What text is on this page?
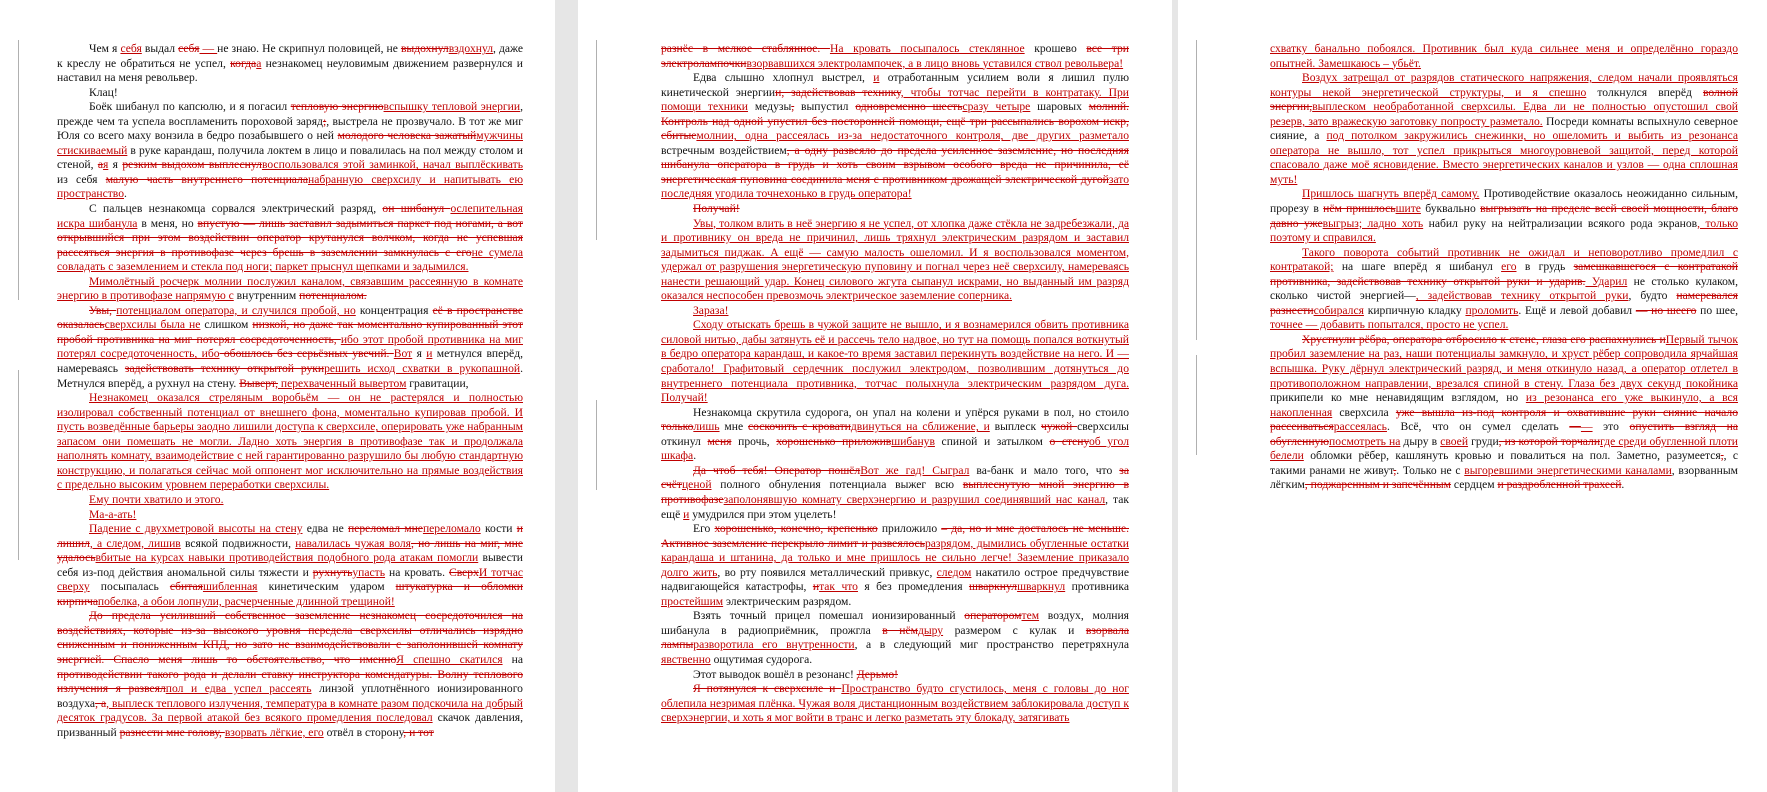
Чем я себя выдал себя — не знаю. Не скрипнул половицей, не выдохнулвздохнул, даже к креслу не обратиться не успел, когдаа незнакомец неуловимым движением развернулся и наставил на меня револьвер.

Клац!

Боёк шибанул по капсюлю, и я погасил тепловую энергиювспышку тепловой энергии, прежде чем та успела воспламенить пороховой заряд;, выстрела не прозвучало. В тот же миг Юля со всего маху вонзила в бедро позабывшего о ней молодого человека зажатыймужчины стискиваемый в руке карандаш, получила локтем в лицо и повалилась на пол между столом и стеной, ая я резким выдохом выплеснулвоспользовался этой заминкой, начал выплёскивать из себя малую часть внутреннего потенциаланабранную сверхсилу и напитывать ею пространство.

С пальцев незнакомца сорвался электрический разряд, он шибанул ослепительная искра шибанула в меня, но впустую — лишь заставил задымиться паркет под ногами, а вот открывшийся при этом воздействии оператор крутанулся волчком, когда не успевшая рассеяться энергия в противофазе через брешь в заземлении замкнулась с егоне сумела совладать с заземлением и стекла под ноги; паркет прыснул щепками и задымился.

Мимолётный росчерк молнии послужил каналом, связавшим рассеянную в комнате энергию в противофазе напрямую с внутренним потенциалом.

Увы, потенциалом оператора, и случился пробой, но концентрация её в пространстве оказаласьсверхсилы была не слишком низкой, но даже так моментально купированный этот пробой противника на миг потерял сосредоточенность, ибо этот пробой противника на миг потерял сосредоточенность, ибо обошлось без серьёзных увечий. Вот я и метнулся вперёд, намереваясь задействовать технику открытой рукирешить исход схватки в рукопашной. Метнулся вперёд, а рухнул на стену. Выверт, перехваченный вывертом гравитации,

Незнакомец оказался стреляным воробьём — он не растерялся и полностью изолировал собственный потенциал от внешнего фона, моментально купировав пробой. И пусть возведённые барьеры заодно лишили доступа к сверхсиле, оперировать уже набранным запасом они помешать не могли. Ладно хоть энергия в противофазе так и продолжала наполнять комнату, взаимодействие с ней гарантированно разрушило бы любую стандартную конструкцию, и полагаться сейчас мой оппонент мог исключительно на прямые воздействия с предельно высоким уровнем переработки сверхсилы.

Ему почти хватило и этого.

Ма-а-ать!

Падение с двухметровой высоты на стену едва не переломал мнепереломало кости и лишил, а следом, лишив всякой подвижности, навалилась чужая воля, но лишь на миг, мне удалосьвбитые на курсах навыки противодействия подобного рода атакам помогли вывести себя из-под действия аномальной силы тяжести и рухнутьупасть на кровать. СверхИ тотчас сверху посыпалась сбитаяшибленная кинетическим ударом штукатурка и обломки кирпичапобелка, а обои лопнули, расчерченные длинной трещиной!

До предела усиливший собственное заземление незнакомец сосредоточился на воздействиях, которые из-за высокого уровня передела сверхсилы отличались изрядно сниженным и пониженным КПД, но зато не взаимодействовали с заполонившей комнату энергией. Спасло меня лишь то обстоятельство, что именноЯ спешно скатился на противодействии такого рода и делали ставку инструктора комендатуры. Волну теплового излучения я развеялпол и едва успел рассеять линзой уплотнённого ионизированного воздуха, а, выплеск теплового излучения, температура в комнате разом подскочила на добрый десяток градусов. За первой атакой без всякого промедления последовал скачок давления, призванный разнести мне голову, взорвать лёгкие, его отвёл в сторону, и тот

разнёс в мелкое стаблянное. На кровать посыпалось стеклянное крошево все три электролампочкивзорвавшихся электролампочек, а в лицо вновь уставился ствол револьвера!

Едва слышно хлопнул выстрел, и отработанным усилием воли я лишил пулю кинетической энергиии, задействовав технику, чтобы тотчас перейти в контратаку. При помощи техники медузы, выпустил одновременно шестьсразу четыре шаровых молний. Контроль над одной упустил без посторонней помощи, ещё три рассыпались ворохом искр, сбитыемолнии, одна рассеялась из-за недостаточного контроля, две других разметало встречным воздействием, а одну развеяло до предела усиленное заземление, но последняя шибанула оператора в грудь и хоть своим взрывом особого вреда не причинила, её энергетическая пуповина соединила меня с противником дрожащей электрической дугойзато последняя угодила точнехонько в грудь оператора!

Получай!

Увы, толком влить в неё энергию я не успел, от хлопка даже стёкла не задребезжали, да и противнику он вреда не причинил, лишь тряхнул электрическим разрядом и заставил задымиться пиджак. А ещё — самую малость ошеломил. И я воспользовался моментом, удержал от разрушения энергетическую пуповину и погнал через неё сверхсилу, намереваясь нанести решающий удар. Конец силового жгута сыпанул искрами, но выданный им разряд оказался неспособен превозмочь электрическое заземление соперника.

Зараза!

Сходу отыскать брешь в чужой защите не вышло, и я вознамерился обвить противника силовой нитью, дабы затянуть её и рассечь тело надвое, но тут на помощь попался воткнутый в бедро оператора карандаш, и какое-то время заставил перекинуть воздействие на него. И — сработало! Графитовый сердечник послужил электродом, позволившим дотянуться до внутреннего потенциала противника, тотчас полыхнула электрическим разрядом дуга. Получай!

Незнакомца скрутила судорога, он упал на колени и упёрся руками в пол, но стоило тольколишь мне соскочить с кроватидвинуться на сближение, и выплеск чужой сверхсилы откинул меня прочь, хорошенько приложившибанув спиной и затылком о стенуоб угол шкафа.

Да чтоб тебя! Оператор пошёлВот же гад! Сыграл ва-банк и мало того, что за счётценой полного обнуления потенциала выжег всю выплеснутую мной энергию в противофазезаполонявшую комнату сверхэнергию и разрушил соединявший нас канал, так ещё и умудрился при этом уцелеть!

Его хорошенько, конечно, крепенько приложило – да, но и мне досталось не меньше. Активное заземление перекрыло лимит и развеялосьразрядом, дымились обугленные остатки карандаша и штанина, да только и мне пришлось не сильно легче! Заземление приказало долго жить, во рту появился металлический привкус, следом накатило острое предчувствие надвигающейся катастрофы, итак что я без промедления шваркнулшваркнул противника простейшим электрическим разрядом.

Взять точный прицел помешал ионизированный операторомтем воздух, молния шибанула в радиоприёмник, прожгла в нёмдыру размером с кулак и взорвала лампыразворотила его внутренности, а в следующий миг пространство перетряхнула явственно ощутимая судорога.

Этот выводок вошёл в резонанс! Дерьмо!

Я потянулся к сверхсиле и Пространство будто сгустилось, меня с головы до ног облепила незримая плёнка. Чужая воля дистанционным воздействием заблокировала доступ к сверхэнергии, и хоть я мог войти в транс и легко разметать эту блокаду, затягивать

схватку банально побоялся. Противник был куда сильнее меня и определённо гораздо опытней. Замешкаюсь – убьёт.

Воздух затрещал от разрядов статического напряжения, следом начали проявляться контуры некой энергетической структуры, и я спешно толкнулся вперёд волной энергии,выплеском необработанной сверхсилы. Едва ли не полностью опустошил свой резерв, зато вражескую заготовку попросту разметало. Посреди комнаты вспыхнуло северное сияние, а под потолком закружились снежинки, но ошеломить и выбить из резонанса оператора не вышло, тот успел прикрыться многоуровневой защитой, перед которой спасовало даже моё ясновидение. Вместо энергетических каналов и узлов — одна сплошная муть!

Пришлось шагнуть вперёд самому. Противодействие оказалось неожиданно сильным, прорезу в нём пришлосьшите буквально выгрызать на пределе всей своей мощности, благо давно ужевыгрыз; ладно хоть набил руку на нейтрализации всякого рода экранов, только поэтому и справился.

Такого поворота событий противник не ожидал и неповоротливо промедлил с контратакой; на шаге вперёд я шибанул его в грудь замешкавшегося с контратакой противника, задействовав технику открытой руки и ударив. Ударил не столько кулаком, сколько чистой энергией—, задействовав технику открытой руки, будто намеревался разнестисобирался кирпичную кладку проломить. Ещё и левой добавил — но шеего по шее, точнее — добавить попытался, просто не успел.

Хрустнули рёбра, оператора отбросило к стене, глаза его распахнулись иПервый тычок пробил заземление на раз, наши потенциалы замкнуло, и хруст рёбер сопроводила ярчайшая вспышка. Руку дёрнул электрический разряд, и меня откинуло назад, а оператор отлетел в противоположном направлении, врезался спиной в стену. Глаза без двух секунд покойника прикипели ко мне ненавидящим взглядом, но из резонанса его уже выкинуло, а вся накопленная сверхсила уже вышла из-под контроля и охватившие руки сияние начало рассеиватьсярассеялась. Всё, что он сумел сделать —— это опустить взгляд на обугленнуюпосмотреть на дыру в своей груди, из которой торчалигде среди обугленной плоти белели обломки рёбер, кашлянуть кровью и повалиться на пол. Заметно, разумеется,, с такими ранами не живут,. Только не с выгоревшими энергетическими каналами, взорванным лёгким, поджаренным и запечённым сердцем и раздробленной трахеей.
